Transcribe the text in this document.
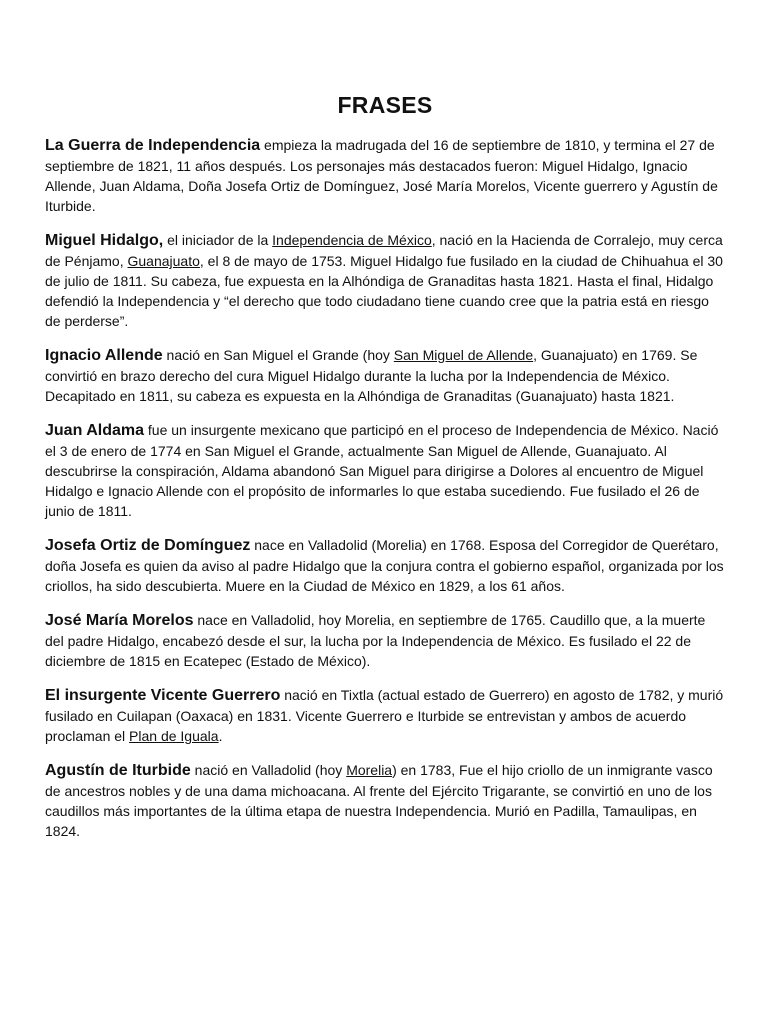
FRASES

La Guerra de Independencia empieza la madrugada del 16 de septiembre de 1810, y termina el 27 de septiembre de 1821, 11 años después. Los personajes más destacados fueron: Miguel Hidalgo, Ignacio Allende, Juan Aldama, Doña Josefa Ortiz de Domínguez, José María Morelos, Vicente guerrero y Agustín de Iturbide.

Miguel Hidalgo, el iniciador de la Independencia de México, nació en la Hacienda de Corralejo, muy cerca de Pénjamo, Guanajuato, el 8 de mayo de 1753. Miguel Hidalgo fue fusilado en la ciudad de Chihuahua el 30 de julio de 1811. Su cabeza, fue expuesta en la Alhóndiga de Granaditas hasta 1821. Hasta el final, Hidalgo defendió la Independencia y “el derecho que todo ciudadano tiene cuando cree que la patria está en riesgo de perderse”.

Ignacio Allende nació en San Miguel el Grande (hoy San Miguel de Allende, Guanajuato) en 1769. Se convirtió en brazo derecho del cura Miguel Hidalgo durante la lucha por la Independencia de México. Decapitado en 1811, su cabeza es expuesta en la Alhóndiga de Granaditas (Guanajuato) hasta 1821.

Juan Aldama fue un insurgente mexicano que participó en el proceso de Independencia de México. Nació el 3 de enero de 1774 en San Miguel el Grande, actualmente San Miguel de Allende, Guanajuato. Al descubrirse la conspiración, Aldama abandonó San Miguel para dirigirse a Dolores al encuentro de Miguel Hidalgo e Ignacio Allende con el propósito de informarles lo que estaba sucediendo. Fue fusilado el 26 de junio de 1811.

Josefa Ortiz de Domínguez nace en Valladolid (Morelia) en 1768. Esposa del Corregidor de Querétaro, doña Josefa es quien da aviso al padre Hidalgo que la conjura contra el gobierno español, organizada por los criollos, ha sido descubierta. Muere en la Ciudad de México en 1829, a los 61 años.

José María Morelos nace en Valladolid, hoy Morelia, en septiembre de 1765. Caudillo que, a la muerte del padre Hidalgo, encabezó desde el sur, la lucha por la Independencia de México. Es fusilado el 22 de diciembre de 1815 en Ecatepec (Estado de México).

El insurgente Vicente Guerrero nació en Tixtla (actual estado de Guerrero) en agosto de 1782, y murió fusilado en Cuilapan (Oaxaca) en 1831. Vicente Guerrero e Iturbide se entrevistan y ambos de acuerdo proclaman el Plan de Iguala.

Agustín de Iturbide nació en Valladolid (hoy Morelia) en 1783, Fue el hijo criollo de un inmigrante vasco de ancestros nobles y de una dama michoacana. Al frente del Ejército Trigarante, se convirtió en uno de los caudillos más importantes de la última etapa de nuestra Independencia. Murió en Padilla, Tamaulipas, en 1824.
